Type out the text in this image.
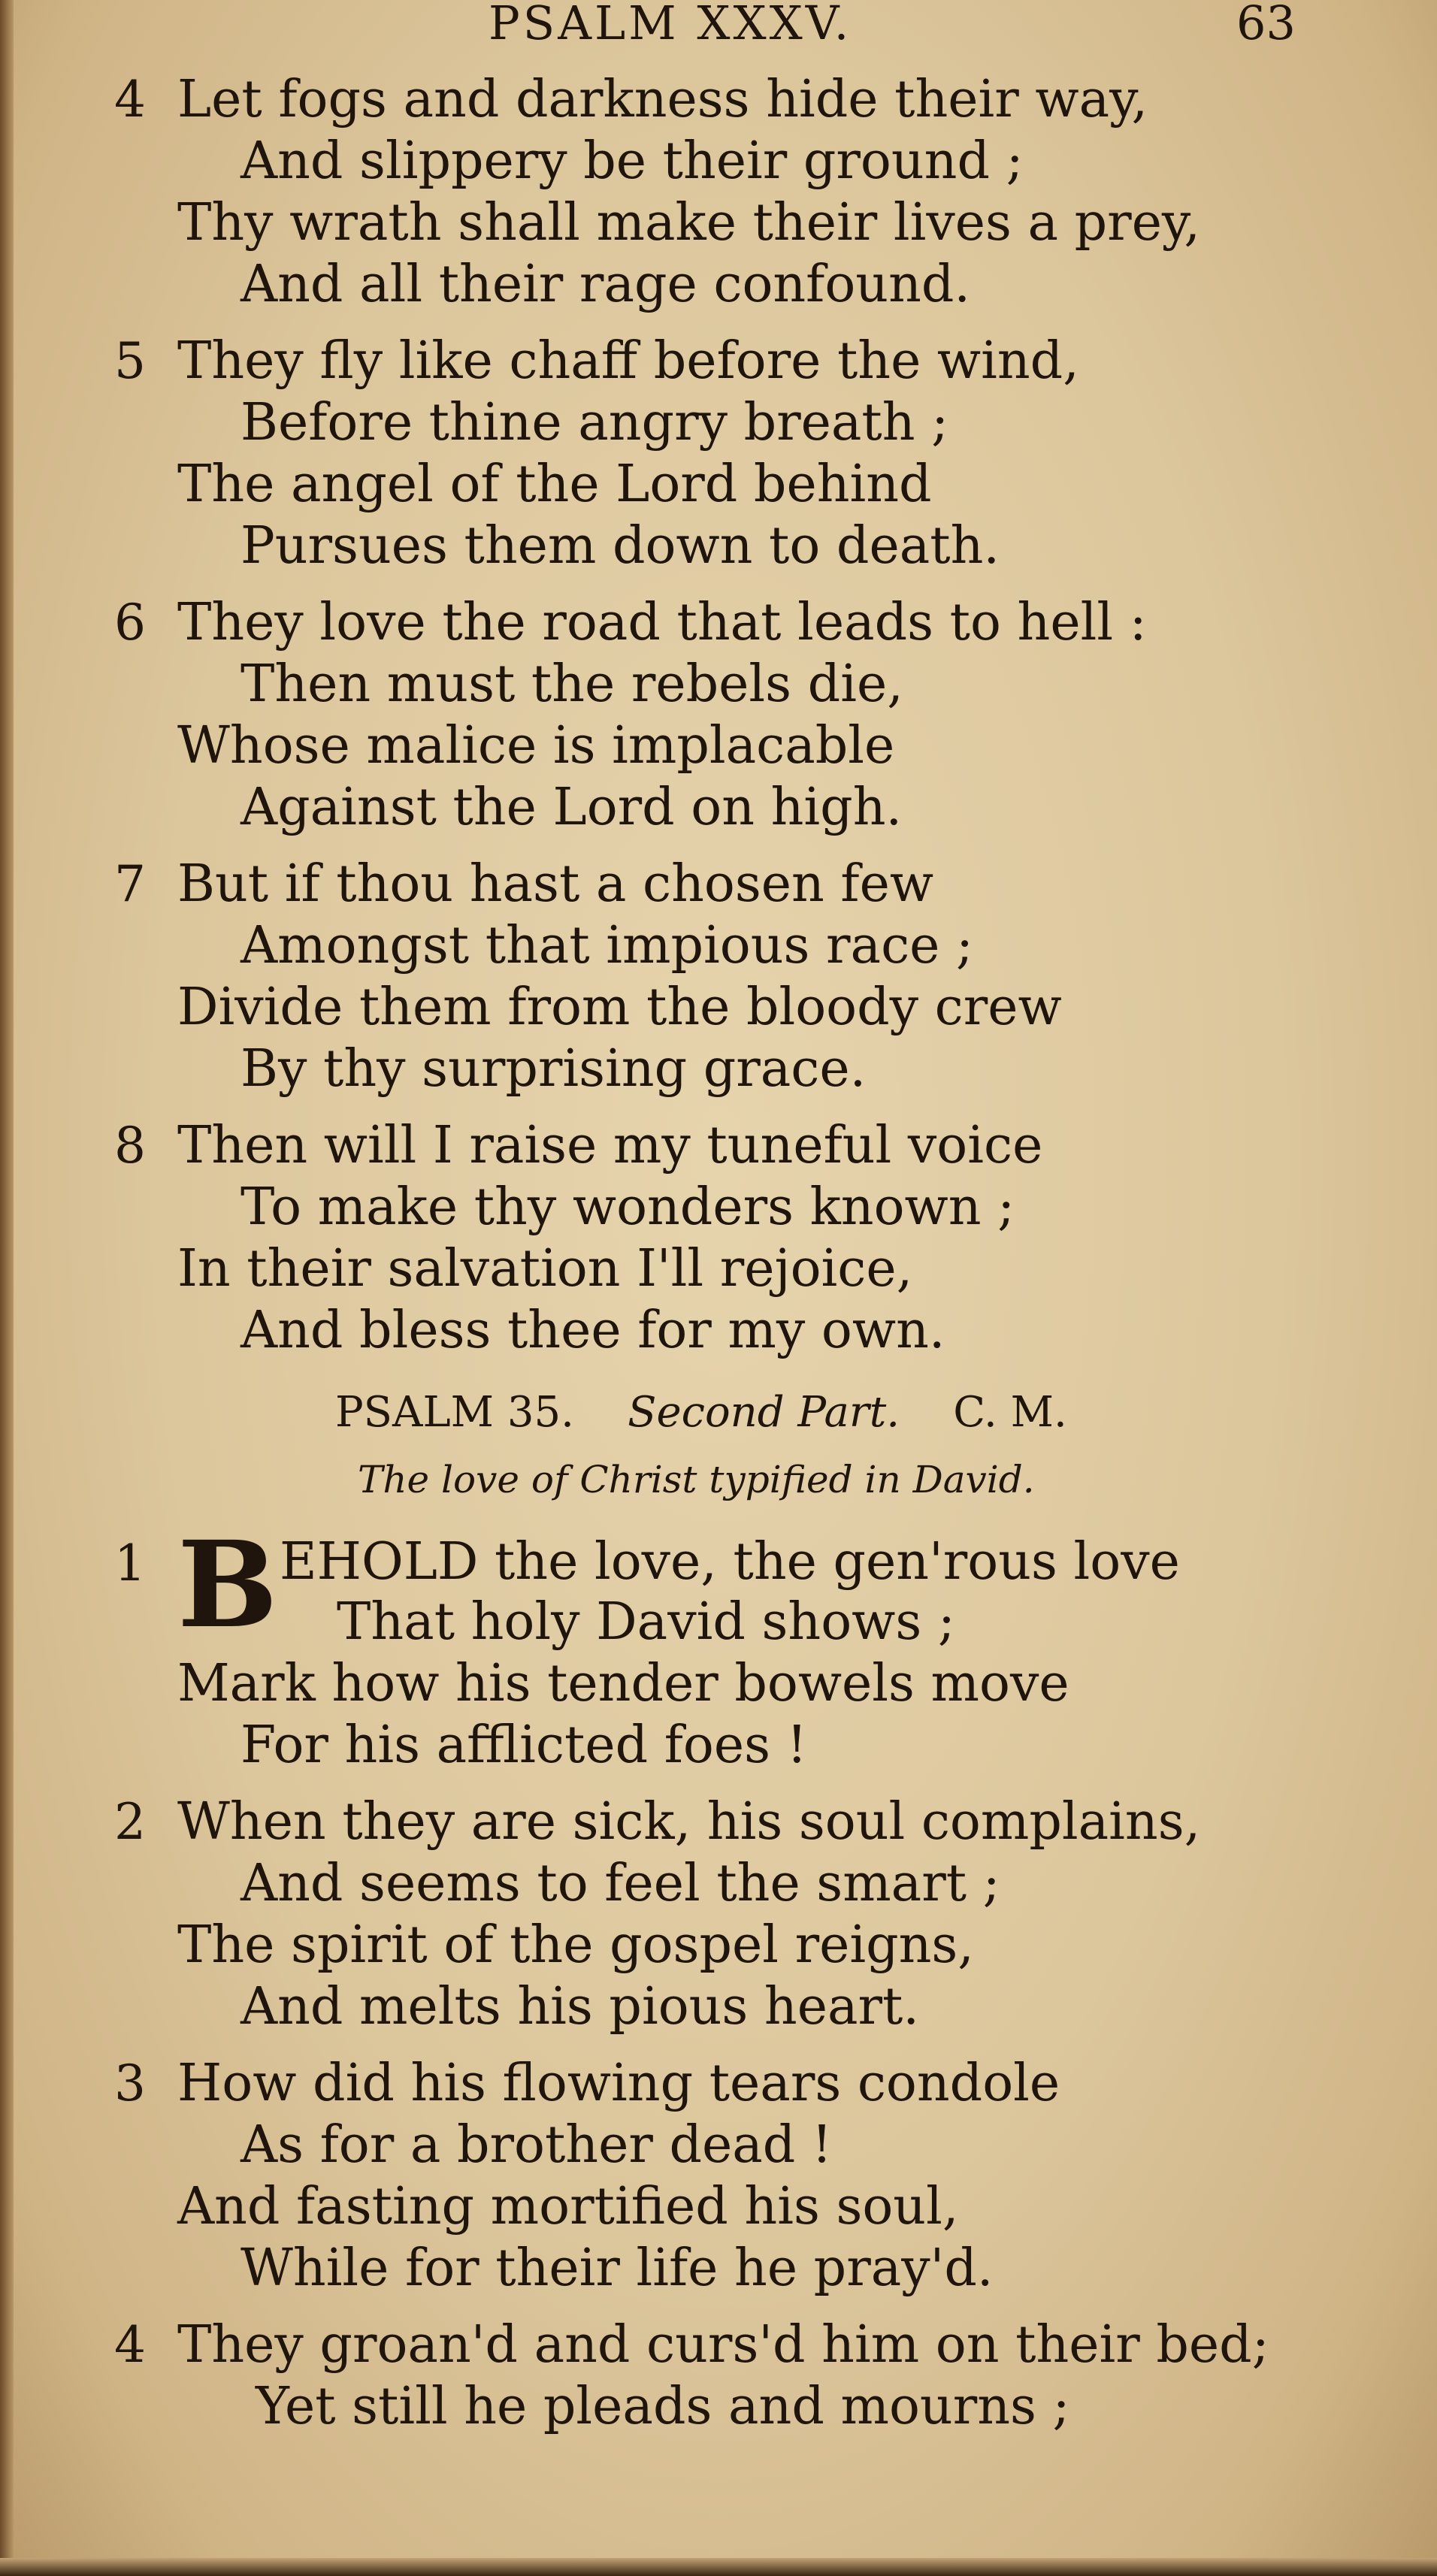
PSALM XXXV.	63
4 Let fogs and darkness hide their way,
And slippery be their ground ;
Thy wrath shall make their lives a prey,
And all their rage confound.
5 They fly like chaff before the wind,
Before thine angry breath ;
The angel of the Lord behind
Pursues them down to death.
6 They love the road that leads to hell :
Then must the rebels die,
Whose malice is implacable
Against the Lord on high.
7 But if thou hast a chosen few
Amongst that impious race ;
Divide them from the bloody crew
By thy surprising grace.
8 Then will I raise my tuneful voice
To make thy wonders known ;
In their salvation I'll rejoice,
And bless thee for my own.
PSALM 35. Second Part. C. M.
The love of Christ typified in David.
1 B EHOLD the love, the gen'rous love
That holy David shows ;
Mark how his tender bowels move
For his afflicted foes !
2 When they are sick, his soul complains,
And seems to feel the smart ;
The spirit of the gospel reigns,
And melts his pious heart.
3 How did his flowing tears condole
As for a brother dead !
And fasting mortified his soul,
While for their life he pray'd.
4 They groan'd and curs'd him on their bed;
Yet still he pleads and mourns ;
